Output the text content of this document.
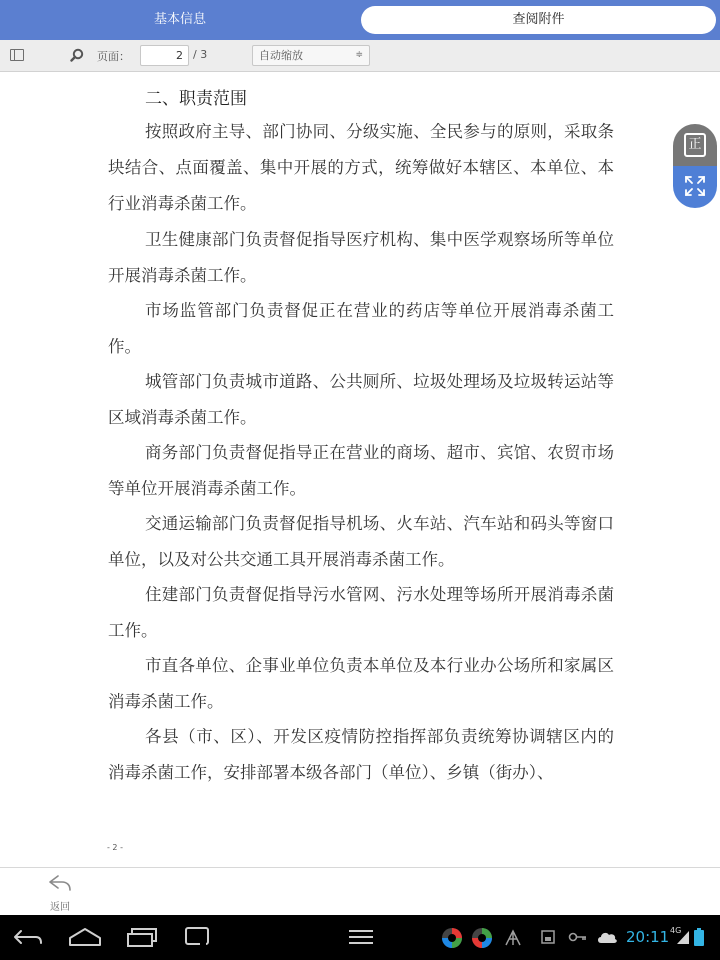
基本信息	查阅附件
页面：
2	/ 3	自动缩放	≑
二、职责范围

按照政府主导、部门协同、分级实施、全民参与的原则，采取条块结合、点面覆盖、集中开展的方式，统筹做好本辖区、本单位、本行业消毒杀菌工作。

卫生健康部门负责督促指导医疗机构、集中医学观察场所等单位开展消毒杀菌工作。

市场监管部门负责督促正在营业的药店等单位开展消毒杀菌工作。

城管部门负责城市道路、公共厕所、垃圾处理场及垃圾转运站等区域消毒杀菌工作。

商务部门负责督促指导正在营业的商场、超市、宾馆、农贸市场等单位开展消毒杀菌工作。

交通运输部门负责督促指导机场、火车站、汽车站和码头等窗口单位，以及对公共交通工具开展消毒杀菌工作。

住建部门负责督促指导污水管网、污水处理等场所开展消毒杀菌工作。

市直各单位、企事业单位负责本单位及本行业办公场所和家属区消毒杀菌工作。

各县（市、区）、开发区疫情防控指挥部负责统筹协调辖区内的消毒杀菌工作，安排部署本级各部门（单位）、乡镇（街办）、

- 2 -
正
返回
20:11 4G
